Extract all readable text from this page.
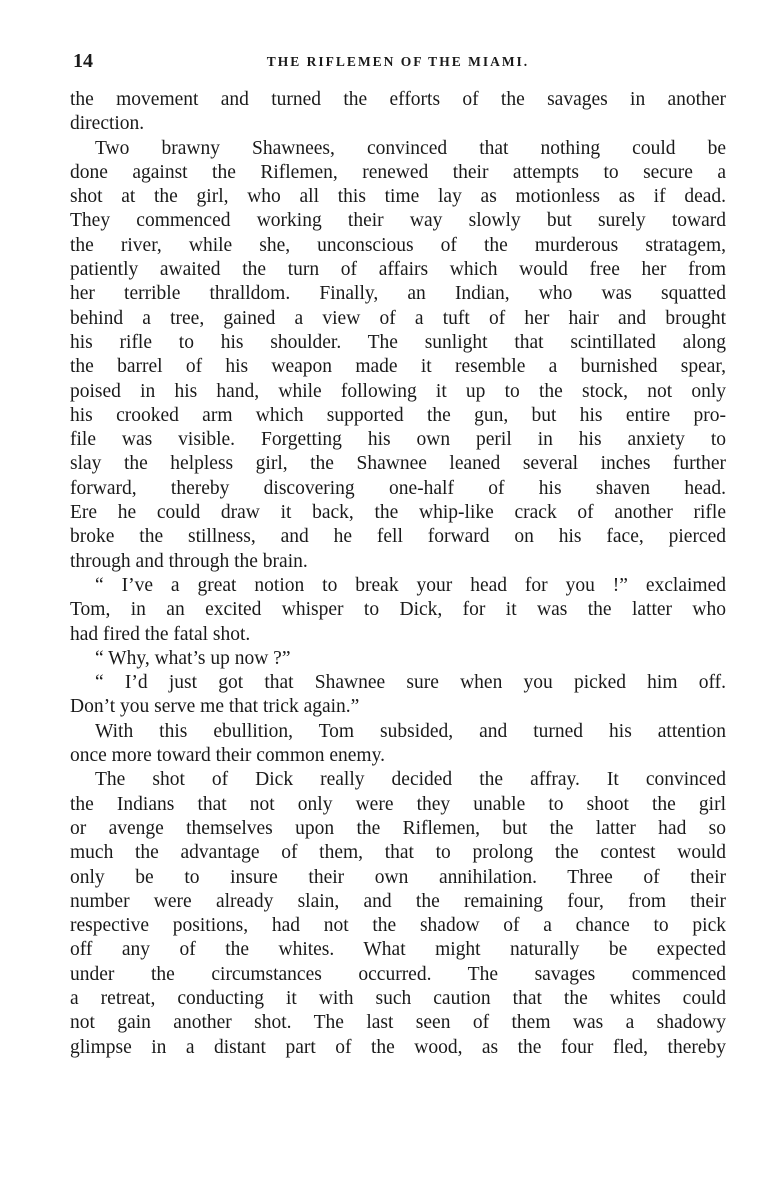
14	THE RIFLEMEN OF THE MIAMI.
the movement and turned the efforts of the savages in another
direction.
Two brawny Shawnees, convinced that nothing could be
done against the Riflemen, renewed their attempts to secure a
shot at the girl, who all this time lay as motionless as if dead.
They commenced working their way slowly but surely toward
the river, while she, unconscious of the murderous stratagem,
patiently awaited the turn of affairs which would free her from
her terrible thralldom. Finally, an Indian, who was squatted
behind a tree, gained a view of a tuft of her hair and brought
his rifle to his shoulder. The sunlight that scintillated along
the barrel of his weapon made it resemble a burnished spear,
poised in his hand, while following it up to the stock, not only
his crooked arm which supported the gun, but his entire pro-
file was visible. Forgetting his own peril in his anxiety to
slay the helpless girl, the Shawnee leaned several inches further
forward, thereby discovering one-half of his shaven head.
Ere he could draw it back, the whip-like crack of another rifle
broke the stillness, and he fell forward on his face, pierced
through and through the brain.
“ I’ve a great notion to break your head for you !” exclaimed
Tom, in an excited whisper to Dick, for it was the latter who
had fired the fatal shot.
“ Why, what’s up now ?”
“ I’d just got that Shawnee sure when you picked him off.
Don’t you serve me that trick again.”
With this ebullition, Tom subsided, and turned his attention
once more toward their common enemy.
The shot of Dick really decided the affray. It convinced
the Indians that not only were they unable to shoot the girl
or avenge themselves upon the Riflemen, but the latter had so
much the advantage of them, that to prolong the contest would
only be to insure their own annihilation. Three of their
number were already slain, and the remaining four, from their
respective positions, had not the shadow of a chance to pick
off any of the whites. What might naturally be expected
under the circumstances occurred. The savages commenced
a retreat, conducting it with such caution that the whites could
not gain another shot. The last seen of them was a shadowy
glimpse in a distant part of the wood, as the four fled, thereby
